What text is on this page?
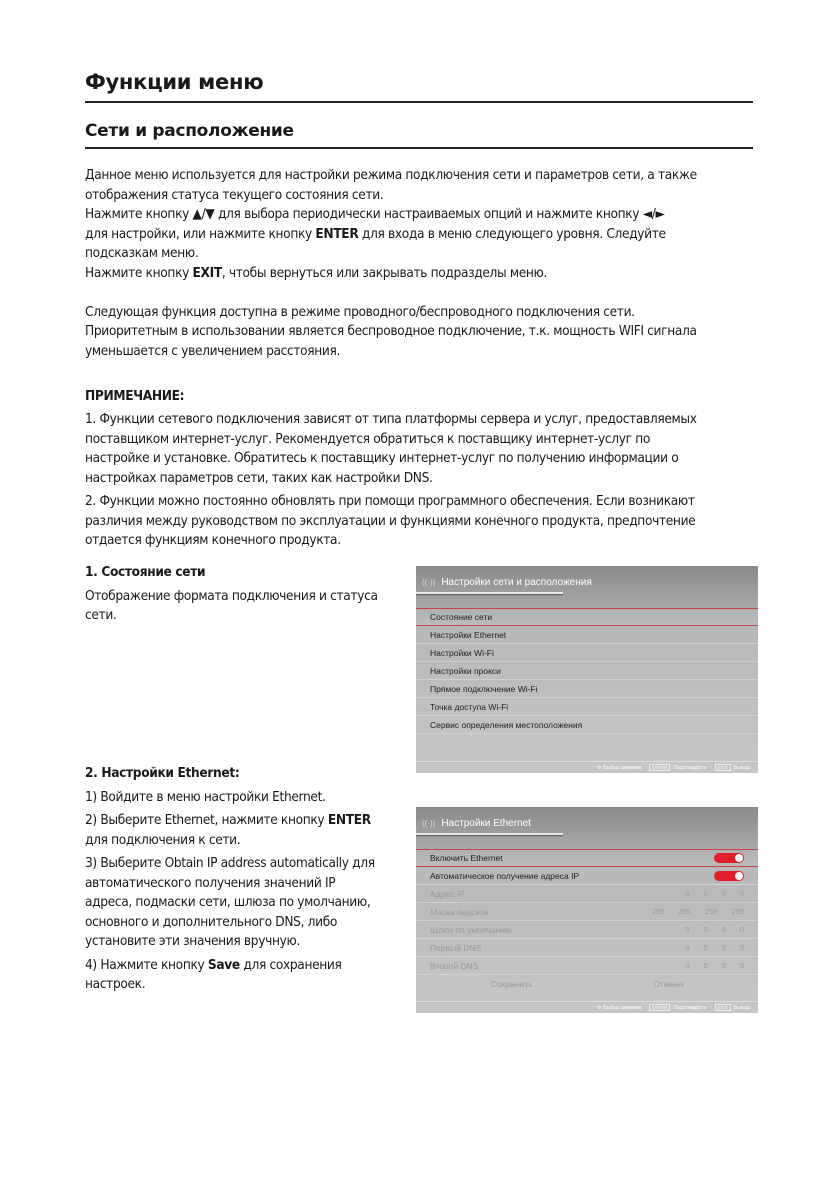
Функции меню
Сети и расположение

Данное меню используется для настройки режима подключения сети и параметров сети, а также

отображения статуса текущего состояния сети.

Нажмите кнопку ▲/▼ для выбора периодически настраиваемых опций и нажмите кнопку ◄/►

для настройки, или нажмите кнопку ENTER для входа в меню следующего уровня. Следуйте

подсказкам меню.

Нажмите кнопку EXIT, чтобы вернуться или закрывать подразделы меню.

Следующая функция доступна в режиме проводного/беспроводного подключения сети.

Приоритетным в использовании является беспроводное подключение, т.к. мощность WIFI сигнала

уменьшается с увеличением расстояния.

ПРИМЕЧАНИЕ:

1. Функции сетевого подключения зависят от типа платформы сервера и услуг, предоставляемых

поставщиком интернет-услуг. Рекомендуется обратиться к поставщику интернет-услуг по

настройке и установке. Обратитесь к поставщику интернет-услуг по получению информации о

настройках параметров сети, таких как настройки DNS.

2. Функции можно постоянно обновлять при помощи программного обеспечения. Если возникают

различия между руководством по эксплуатации и функциями конечного продукта, предпочтение

отдается функциям конечного продукта.

1. Состояние сети

Отображение формата подключения и статуса

сети.

2. Настройки Ethernet:

1) Войдите в меню настройки Ethernet.

2) Выберите Ethernet, нажмите кнопку ENTER

для подключения к сети.

3) Выберите Obtain IP address automatically для

автоматического получения значений IP

адреса, подмаски сети, шлюза по умолчанию,

основного и дополнительного DNS, либо

установите эти значения вручную.

4) Нажмите кнопку Save для сохранения

настроек.

((·)) Настройки сети и расположения
Состояние сети
Настройки Ethernet
Настройки Wi-Fi
Настройки прокси
Прямое подключение Wi-Fi
Точка доступа Wi-Fi
Сервис определения местоположения
✣ Выбор режима	ENTER Подтвердить	EXIT Выход
((·)) Настройки Ethernet
Включить Ethernet
Автоматическое получение адреса IP
Адрес IP	0 0 0 0
Маска подсети	255 255 255 255
Шлюз по умолчанию	0 0 0 0
Первый DNS	0 0 0 0
Второй DNS	0 0 0 0
Сохранить	Отмена
✣ Выбор режима	ENTER Подтвердить	EXIT Выход
